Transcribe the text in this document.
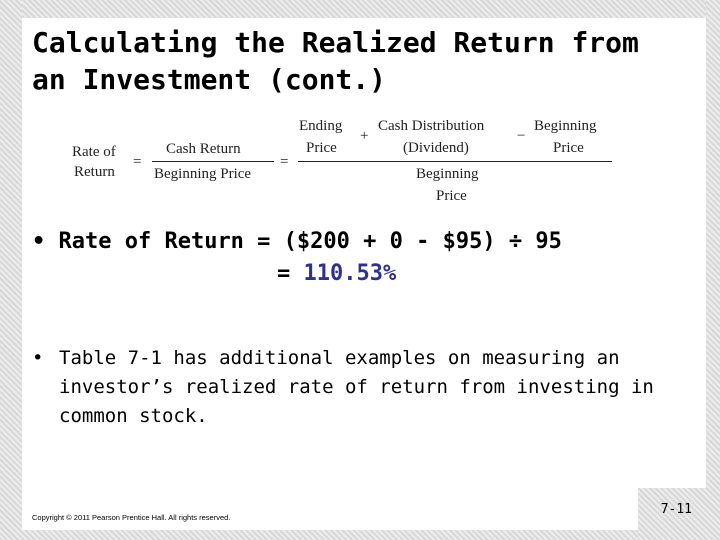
Calculating the Realized Return from
an Investment (cont.)
Rate of
Return
=
Cash Return
Beginning Price
=
Ending
Price
+
Cash Distribution
(Dividend)
−
Beginning
Price
Beginning
Price
• Rate of Return = ($200 + 0 - $95) ÷ 95
= 110.53%
• Table 7-1 has additional examples on measuring an investor’s realized rate of return from investing in common stock.
Copyright © 2011 Pearson Prentice Hall. All rights reserved.
7-11
